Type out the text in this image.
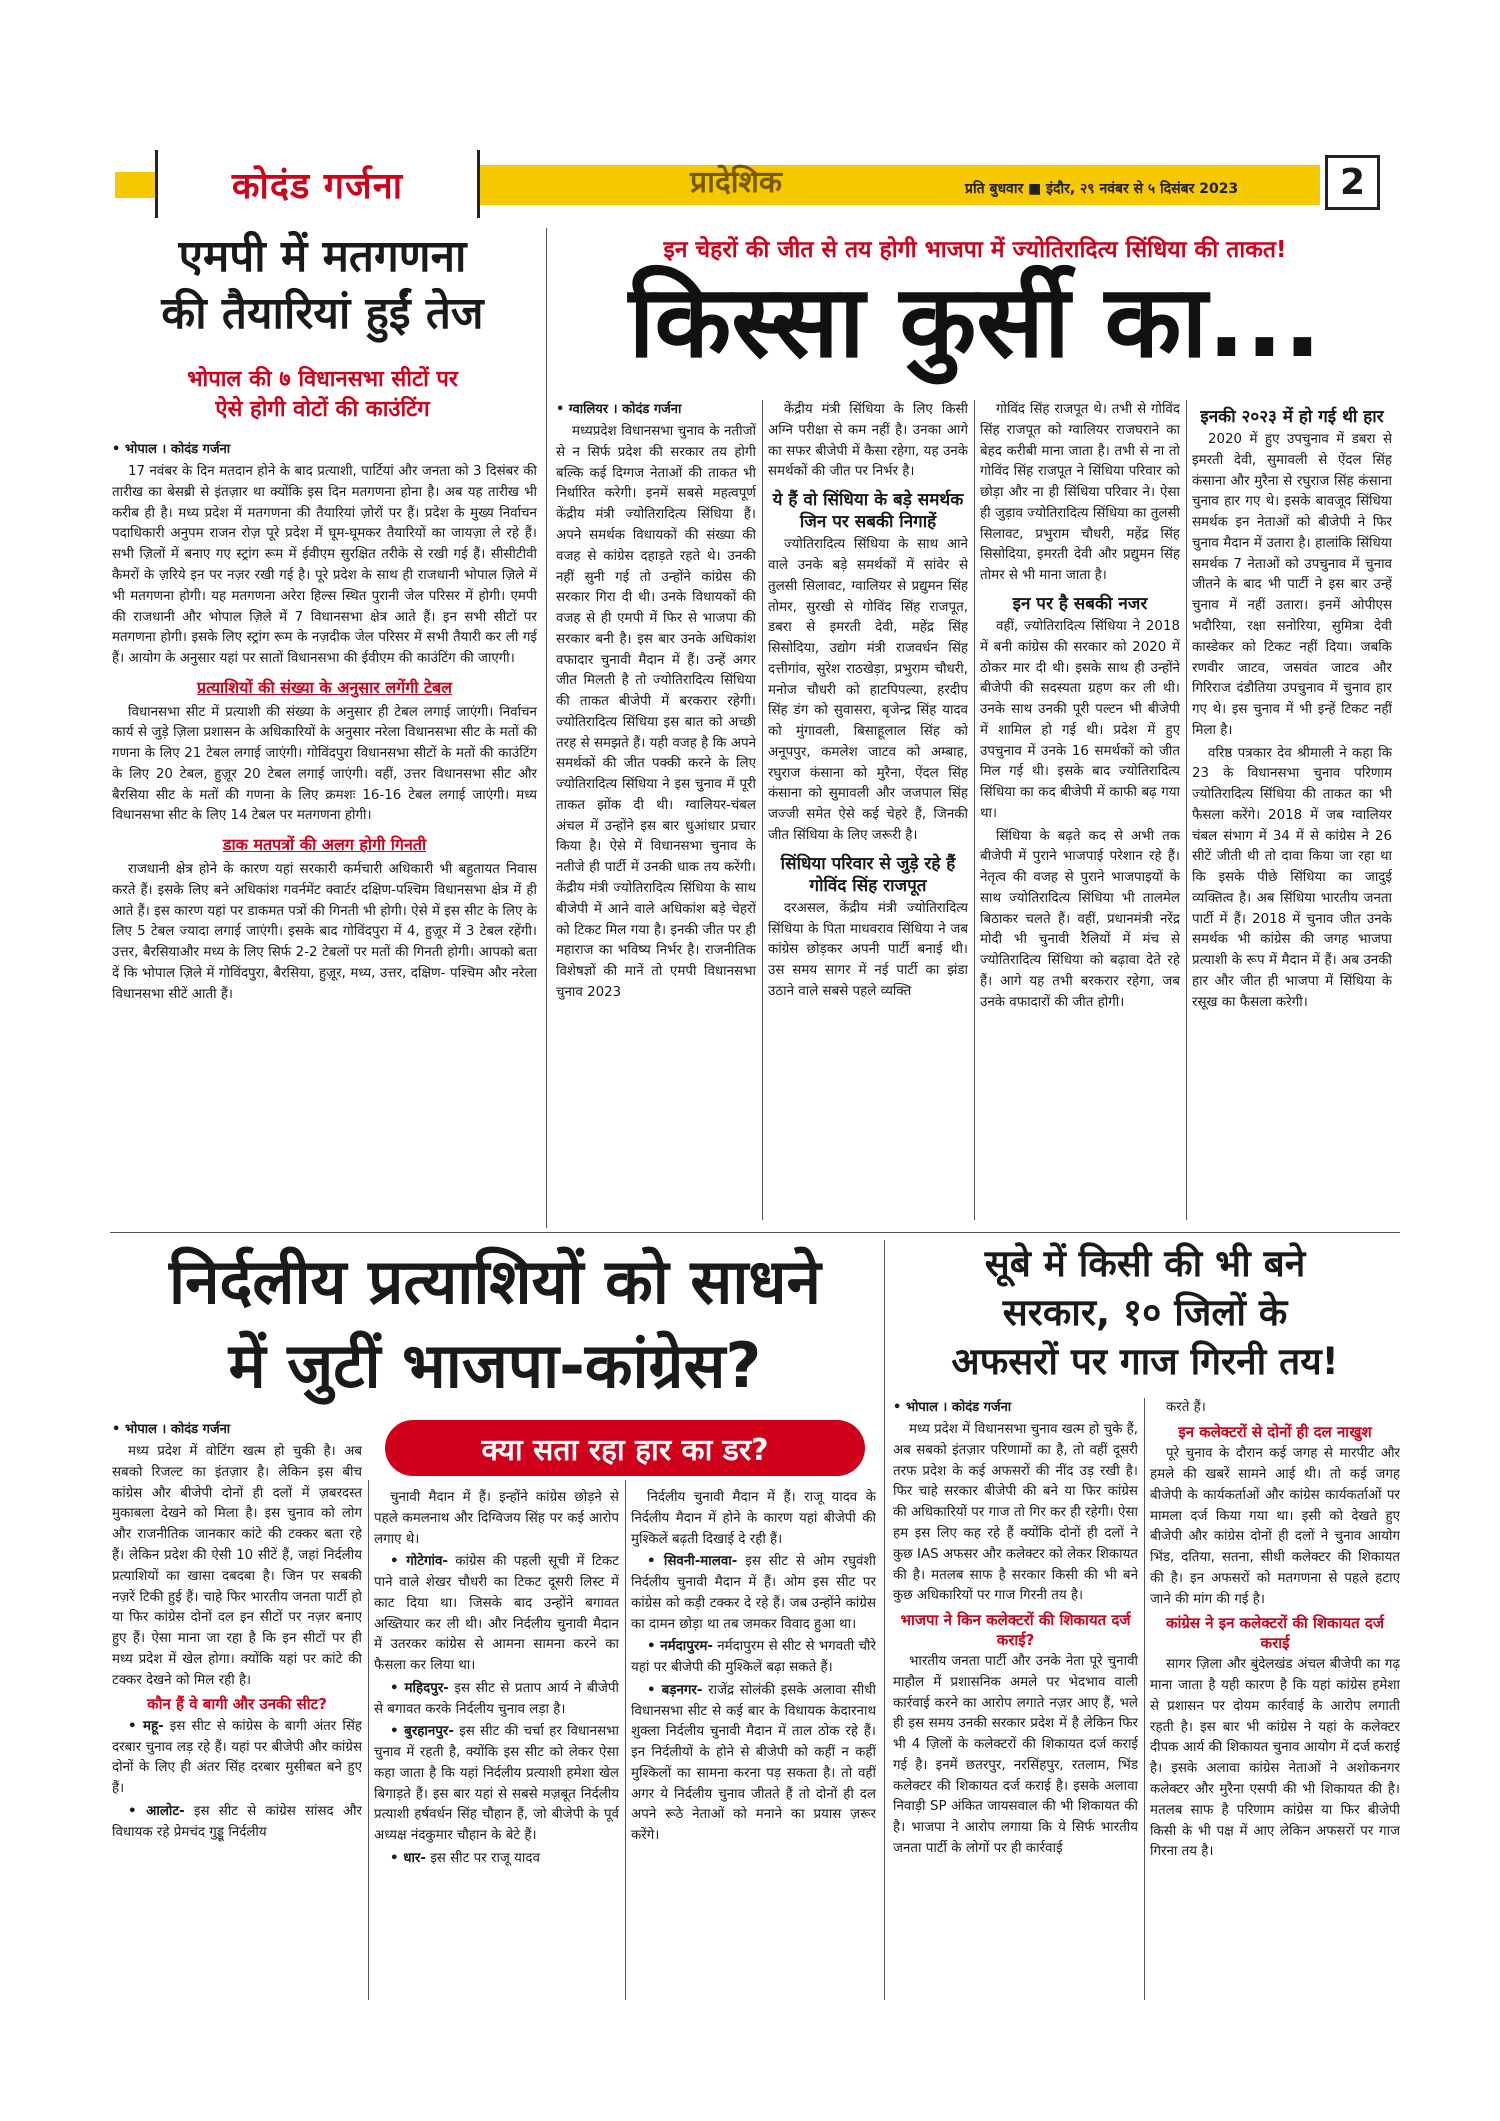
कोदंड गर्जना	प्रादेशिक	प्रति बुधवार ■ इंदौर, २९ नवंबर से ५ दिसंबर 2023	2
एमपी में मतगणना
की तैयारियां हुईं तेज
भोपाल की ७ विधानसभा सीटों पर
ऐसे होगी वोटों की काउंटिंग

• भोपाल । कोदंड गर्जना

17 नवंबर के दिन मतदान होने के बाद प्रत्याशी, पार्टियां और जनता को 3 दिसंबर की तारीख का बेसब्री से इंतज़ार था क्योंकि इस दिन मतगणना होना है। अब यह तारीख भी करीब ही है। मध्य प्रदेश में मतगणना की तैयारियां ज़ोरों पर हैं। प्रदेश के मुख्य निर्वाचन पदाधिकारी अनुपम राजन रोज़ पूरे प्रदेश में घूम-घूमकर तैयारियों का जायज़ा ले रहे हैं। सभी ज़िलों में बनाए गए स्ट्रांग रूम में ईवीएम सुरक्षित तरीके से रखी गई हैं। सीसीटीवी कैमरों के ज़रिये इन पर नज़र रखी गई है। पूरे प्रदेश के साथ ही राजधानी भोपाल ज़िले में भी मतगणना होगी। यह मतगणना अरेरा हिल्स स्थित पुरानी जेल परिसर में होगी। एमपी की राजधानी और भोपाल ज़िले में 7 विधानसभा क्षेत्र आते हैं। इन सभी सीटों पर मतगणना होगी। इसके लिए स्ट्रांग रूम के नज़दीक जेल परिसर में सभी तैयारी कर ली गई हैं। आयोग के अनुसार यहां पर सातों विधानसभा की ईवीएम की काउंटिंग की जाएगी।

प्रत्याशियों की संख्या के अनुसार लगेंगी टेबल

विधानसभा सीट में प्रत्याशी की संख्या के अनुसार ही टेबल लगाई जाएंगी। निर्वाचन कार्य से जुड़े ज़िला प्रशासन के अधिकारियों के अनुसार नरेला विधानसभा सीट के मतों की गणना के लिए 21 टेबल लगाई जाएंगी। गोविंदपुरा विधानसभा सीटों के मतों की काउंटिंग के लिए 20 टेबल, हुज़ूर 20 टेबल लगाई जाएंगी। वहीं, उत्तर विधानसभा सीट और बैरसिया सीट के मतों की गणना के लिए क्रमशः 16-16 टेबल लगाई जाएंगी। मध्य विधानसभा सीट के लिए 14 टेबल पर मतगणना होगी।

डाक मतपत्रों की अलग होगी गिनती

राजधानी क्षेत्र होने के कारण यहां सरकारी कर्मचारी अधिकारी भी बहुतायत निवास करते हैं। इसके लिए बने अधिकांश गवर्नमेंट क्वार्टर दक्षिण-पश्चिम विधानसभा क्षेत्र में ही आते हैं। इस कारण यहां पर डाकमत पत्रों की गिनती भी होगी। ऐसे में इस सीट के लिए के लिए 5 टेबल ज्यादा लगाई जाएंगी। इसके बाद गोविंदपुरा में 4, हुज़ूर में 3 टेबल रहेंगी। उत्तर, बैरसियाऔर मध्य के लिए सिर्फ 2-2 टेबलों पर मतों की गिनती होगी। आपको बता दें कि भोपाल ज़िले में गोविंदपुरा, बैरसिया, हुज़ूर, मध्य, उत्तर, दक्षिण- पश्चिम और नरेला विधानसभा सीटें आती हैं।

इन चेहरों की जीत से तय होगी भाजपा में ज्योतिरादित्य सिंधिया की ताकत!
किस्सा कुर्सी का...

• ग्वालियर । कोदंड गर्जना

मध्यप्रदेश विधानसभा चुनाव के नतीजों से न सिर्फ प्रदेश की सरकार तय होगी बल्कि कई दिग्गज नेताओं की ताकत भी निर्धारित करेगी। इनमें सबसे महत्वपूर्ण केंद्रीय मंत्री ज्योतिरादित्य सिंधिया हैं। अपने समर्थक विधायकों की संख्या की वजह से कांग्रेस दहाड़ते रहते थे। उनकी नहीं सुनी गई तो उन्होंने कांग्रेस की सरकार गिरा दी थी। उनके विधायकों की वजह से ही एमपी में फिर से भाजपा की सरकार बनी है। इस बार उनके अधिकांश वफादार चुनावी मैदान में हैं। उन्हें अगर जीत मिलती है तो ज्योतिरादित्य सिंधिया की ताकत बीजेपी में बरकरार रहेगी। ज्योतिरादित्य सिंधिया इस बात को अच्छी तरह से समझते हैं। यही वजह है कि अपने समर्थकों की जीत पक्की करने के लिए ज्योतिरादित्य सिंधिया ने इस चुनाव में पूरी ताकत झोंक दी थी। ग्वालियर-चंबल अंचल में उन्होंने इस बार धुआंधार प्रचार किया है। ऐसे में विधानसभा चुनाव के नतीजे ही पार्टी में उनकी धाक तय करेंगी। केंद्रीय मंत्री ज्योतिरादित्य सिंधिया के साथ बीजेपी में आने वाले अधिकांश बड़े चेहरों को टिकट मिल गया है। इनकी जीत पर ही महाराज का भविष्य निर्भर है। राजनीतिक विशेषज्ञों की मानें तो एमपी विधानसभा चुनाव 2023

केंद्रीय मंत्री सिंधिया के लिए किसी अग्नि परीक्षा से कम नहीं है। उनका आगे का सफर बीजेपी में कैसा रहेगा, यह उनके समर्थकों की जीत पर निर्भर है।

ये हैं वो सिंधिया के बड़े समर्थक जिन पर सबकी निगाहें

ज्योतिरादित्य सिंधिया के साथ आने वाले उनके बड़े समर्थकों में सांवेर से तुलसी सिलावट, ग्वालियर से प्रद्युमन सिंह तोमर, सुरखी से गोविंद सिंह राजपूत, डबरा से इमरती देवी, महेंद्र सिंह सिसोदिया, उद्योग मंत्री राजवर्धन सिंह दत्तीगांव, सुरेश राठखेड़ा, प्रभुराम चौधरी, मनोज चौधरी को हाटपिपल्या, हरदीप सिंह डंग को सुवासरा, बृजेन्द्र सिंह यादव को मुंगावली, बिसाहूलाल सिंह को अनूपपुर, कमलेश जाटव को अम्बाह, रघुराज कंसाना को मुरैना, ऐंदल सिंह कंसाना को सुमावली और जजपाल सिंह जज्जी समेत ऐसे कई चेहरे हैं, जिनकी जीत सिंधिया के लिए जरूरी है।

सिंधिया परिवार से जुड़े रहे हैं गोविंद सिंह राजपूत

दरअसल, केंद्रीय मंत्री ज्योतिरादित्य सिंधिया के पिता माधवराव सिंधिया ने जब कांग्रेस छोड़कर अपनी पार्टी बनाई थी। उस समय सागर में नई पार्टी का झंडा उठाने वाले सबसे पहले व्यक्ति

गोविंद सिंह राजपूत थे। तभी से गोविंद सिंह राजपूत को ग्वालियर राजघराने का बेहद करीबी माना जाता है। तभी से ना तो गोविंद सिंह राजपूत ने सिंधिया परिवार को छोड़ा और ना ही सिंधिया परिवार ने। ऐसा ही जुड़ाव ज्योतिरादित्य सिंधिया का तुलसी सिलावट, प्रभुराम चौधरी, महेंद्र सिंह सिसोदिया, इमरती देवी और प्रद्युमन सिंह तोमर से भी माना जाता है।

इन पर है सबकी नजर

वहीं, ज्योतिरादित्य सिंधिया ने 2018 में बनी कांग्रेस की सरकार को 2020 में ठोकर मार दी थी। इसके साथ ही उन्होंने बीजेपी की सदस्यता ग्रहण कर ली थी। उनके साथ उनकी पूरी पल्टन भी बीजेपी में शामिल हो गई थी। प्रदेश में हुए उपचुनाव में उनके 16 समर्थकों को जीत मिल गई थी। इसके बाद ज्योतिरादित्य सिंधिया का कद बीजेपी में काफी बढ़ गया था।

सिंधिया के बढ़ते कद से अभी तक बीजेपी में पुराने भाजपाई परेशान रहे हैं। नेतृत्व की वजह से पुराने भाजपाइयों के साथ ज्योतिरादित्य सिंधिया भी तालमेल बिठाकर चलते हैं। वहीं, प्रधानमंत्री नरेंद्र मोदी भी चुनावी रैलियों में मंच से ज्योतिरादित्य सिंधिया को बढ़ावा देते रहे हैं। आगे यह तभी बरकरार रहेगा, जब उनके वफादारों की जीत होगी।

इनकी २०२३ में हो गई थी हार

2020 में हुए उपचुनाव में डबरा से इमरती देवी, सुमावली से ऐंदल सिंह कंसाना और मुरैना से रघुराज सिंह कंसाना चुनाव हार गए थे। इसके बावजूद सिंधिया समर्थक इन नेताओं को बीजेपी ने फिर चुनाव मैदान में उतारा है। हालांकि सिंधिया समर्थक 7 नेताओं को उपचुनाव में चुनाव जीतने के बाद भी पार्टी ने इस बार उन्हें चुनाव में नहीं उतारा। इनमें ओपीएस भदौरिया, रक्षा सनोरिया, सुमित्रा देवी कास्डेकर को टिकट नहीं दिया। जबकि रणवीर जाटव, जसवंत जाटव और गिरिराज दंडौतिया उपचुनाव में चुनाव हार गए थे। इस चुनाव में भी इन्हें टिकट नहीं मिला है।

वरिष्ठ पत्रकार देव श्रीमाली ने कहा कि 23 के विधानसभा चुनाव परिणाम ज्योतिरादित्य सिंधिया की ताकत का भी फैसला करेंगे। 2018 में जब ग्वालियर चंबल संभाग में 34 में से कांग्रेस ने 26 सीटें जीती थी तो दावा किया जा रहा था कि इसके पीछे सिंधिया का जादुई व्यक्तित्व है। अब सिंधिया भारतीय जनता पार्टी में हैं। 2018 में चुनाव जीत उनके समर्थक भी कांग्रेस की जगह भाजपा प्रत्याशी के रूप में मैदान में हैं। अब उनकी हार और जीत ही भाजपा में सिंधिया के रसूख का फैसला करेगी।

निर्दलीय प्रत्याशियों को साधने
में जुटीं भाजपा-कांग्रेस?
क्या सता रहा हार का डर?

• भोपाल । कोदंड गर्जना

मध्य प्रदेश में वोटिंग खत्म हो चुकी है। अब सबको रिजल्ट का इंतज़ार है। लेकिन इस बीच कांग्रेस और बीजेपी दोनों ही दलों में ज़बरदस्त मुकाबला देखने को मिला है। इस चुनाव को लोग और राजनीतिक जानकार कांटे की टक्कर बता रहे हैं। लेकिन प्रदेश की ऐसी 10 सीटें हैं, जहां निर्दलीय प्रत्याशियों का खासा दबदबा है। जिन पर सबकी नज़रें टिकी हुई हैं। चाहे फिर भारतीय जनता पार्टी हो या फिर कांग्रेस दोनों दल इन सीटों पर नज़र बनाए हुए हैं। ऐसा माना जा रहा है कि इन सीटों पर ही मध्य प्रदेश में खेल होगा। क्योंकि यहां पर कांटे की टक्कर देखने को मिल रही है।

कौन हैं वे बागी और उनकी सीट?

• महू- इस सीट से कांग्रेस के बागी अंतर सिंह दरबार चुनाव लड़ रहे हैं। यहां पर बीजेपी और कांग्रेस दोनों के लिए ही अंतर सिंह दरबार मुसीबत बने हुए हैं।

• आलोट- इस सीट से कांग्रेस सांसद और विधायक रहे प्रेमचंद गुड्डू निर्दलीय

चुनावी मैदान में हैं। इन्होंने कांग्रेस छोड़ने से पहले कमलनाथ और दिग्विजय सिंह पर कई आरोप लगाए थे।

• गोटेगांव- कांग्रेस की पहली सूची में टिकट पाने वाले शेखर चौधरी का टिकट दूसरी लिस्ट में काट दिया था। जिसके बाद उन्होंने बगावत अख्तियार कर ली थी। और निर्दलीय चुनावी मैदान में उतरकर कांग्रेस से आमना सामना करने का फैसला कर लिया था।

• महिदपुर- इस सीट से प्रताप आर्य ने बीजेपी से बगावत करके निर्दलीय चुनाव लड़ा है।

• बुरहानपुर- इस सीट की चर्चा हर विधानसभा चुनाव में रहती है, क्योंकि इस सीट को लेकर ऐसा कहा जाता है कि यहां निर्दलीय प्रत्याशी हमेशा खेल बिगाड़ते हैं। इस बार यहां से सबसे मज़बूत निर्दलीय प्रत्याशी हर्षवर्धन सिंह चौहान हैं, जो बीजेपी के पूर्व अध्यक्ष नंदकुमार चौहान के बेटे हैं।

• धार- इस सीट पर राजू यादव

निर्दलीय चुनावी मैदान में हैं। राजू यादव के निर्दलीय मैदान में होने के कारण यहां बीजेपी की मुश्किलें बढ़ती दिखाई दे रही हैं।

• सिवनी-मालवा- इस सीट से ओम रघुवंशी निर्दलीय चुनावी मैदान में हैं। ओम इस सीट पर कांग्रेस को कड़ी टक्कर दे रहे हैं। जब उन्होंने कांग्रेस का दामन छोड़ा था तब जमकर विवाद हुआ था।

• नर्मदापुरम- नर्मदापुरम से सीट से भगवती चौरे यहां पर बीजेपी की मुश्किलें बढ़ा सकते हैं।

• बड़नगर- राजेंद्र सोलंकी इसके अलावा सीधी विधानसभा सीट से कई बार के विधायक केदारनाथ शुक्ला निर्दलीय चुनावी मैदान में ताल ठोक रहे हैं। इन निर्दलीयों के होने से बीजेपी को कहीं न कहीं मुश्किलों का सामना करना पड़ सकता है। तो वहीं अगर ये निर्दलीय चुनाव जीतते हैं तो दोनों ही दल अपने रूठे नेताओं को मनाने का प्रयास ज़रूर करेंगे।

सूबे में किसी की भी बने
सरकार, १० जिलों के
अफसरों पर गाज गिरनी तय!

• भोपाल । कोदंड गर्जना

मध्य प्रदेश में विधानसभा चुनाव खत्म हो चुके हैं, अब सबको इंतज़ार परिणामों का है, तो वहीं दूसरी तरफ प्रदेश के कई अफसरों की नींद उड़ रखी है। फिर चाहे सरकार बीजेपी की बने या फिर कांग्रेस की अधिकारियों पर गाज तो गिर कर ही रहेगी। ऐसा हम इस लिए कह रहे हैं क्योंकि दोनों ही दलों ने कुछ IAS अफसर और कलेक्टर को लेकर शिकायत की है। मतलब साफ है सरकार किसी की भी बने कुछ अधिकारियों पर गाज गिरनी तय है।

भाजपा ने किन कलेक्टरों की शिकायत दर्ज कराई?

भारतीय जनता पार्टी और उनके नेता पूरे चुनावी माहौल में प्रशासनिक अमले पर भेदभाव वाली कार्रवाई करने का आरोप लगाते नज़र आए हैं, भले ही इस समय उनकी सरकार प्रदेश में है लेकिन फिर भी 4 ज़िलों के कलेक्टरों की शिकायत दर्ज कराई गई है। इनमें छतरपुर, नरसिंहपुर, रतलाम, भिंड कलेक्टर की शिकायत दर्ज कराई है। इसके अलावा निवाड़ी SP अंकित जायसवाल की भी शिकायत की है। भाजपा ने आरोप लगाया कि ये सिर्फ भारतीय जनता पार्टी के लोगों पर ही कार्रवाई

करते हैं।

इन कलेक्टरों से दोनों ही दल नाखुश

पूरे चुनाव के दौरान कई जगह से मारपीट और हमले की खबरें सामने आई थी। तो कई जगह बीजेपी के कार्यकर्ताओं और कांग्रेस कार्यकर्ताओं पर मामला दर्ज किया गया था। इसी को देखते हुए बीजेपी और कांग्रेस दोनों ही दलों ने चुनाव आयोग भिंड, दतिया, सतना, सीधी कलेक्टर की शिकायत की है। इन अफसरों को मतगणना से पहले हटाए जाने की मांग की गई है।

कांग्रेस ने इन कलेक्टरों की शिकायत दर्ज कराई

सागर ज़िला और बुंदेलखंड अंचल बीजेपी का गढ़ माना जाता है यही कारण है कि यहां कांग्रेस हमेशा से प्रशासन पर दोयम कार्रवाई के आरोप लगाती रहती है। इस बार भी कांग्रेस ने यहां के कलेक्टर दीपक आर्य की शिकायत चुनाव आयोग में दर्ज कराई है। इसके अलावा कांग्रेस नेताओं ने अशोकनगर कलेक्टर और मुरैना एसपी की भी शिकायत की है। मतलब साफ है परिणाम कांग्रेस या फिर बीजेपी किसी के भी पक्ष में आए लेकिन अफसरों पर गाज गिरना तय है।
